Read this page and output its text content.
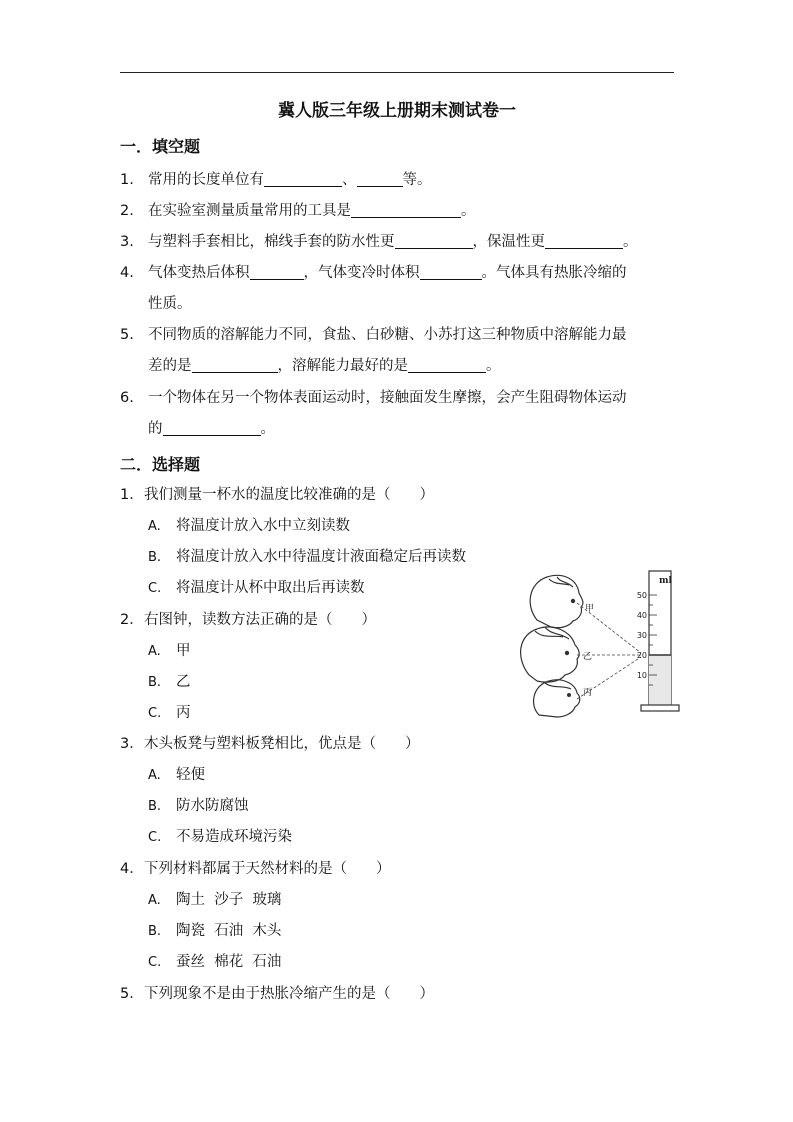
冀人版三年级上册期末测试卷一
一．填空题
1. 常用的长度单位有	、	等。
2. 在实验室测量质量常用的工具是	。
3. 与塑料手套相比，棉线手套的防水性更	，保温性更	。
4. 气体变热后体积	，气体变冷时体积	。气体具有热胀冷缩的
性质。
5. 不同物质的溶解能力不同，食盐、白砂糖、小苏打这三种物质中溶解能力最
差的是	，溶解能力最好的是	。
6. 一个物体在另一个物体表面运动时，接触面发生摩擦，会产生阻碍物体运动
的	。
二．选择题
1．我们测量一杯水的温度比较准确的是（　　）
A. 将温度计放入水中立刻读数
B. 将温度计放入水中待温度计液面稳定后再读数
C. 将温度计从杯中取出后再读数
2．右图钟，读数方法正确的是（　　）
A. 甲
B. 乙
C. 丙
3．木头板凳与塑料板凳相比，优点是（　　）
A. 轻便
B. 防水防腐蚀
C. 不易造成环境污染
4．下列材料都属于天然材料的是（　　）
A. 陶土  沙子  玻璃
B. 陶瓷  石油  木头
C. 蚕丝  棉花  石油
5．下列现象不是由于热胀冷缩产生的是（　　）
甲
乙
丙
ml
50
40
30
20
10
